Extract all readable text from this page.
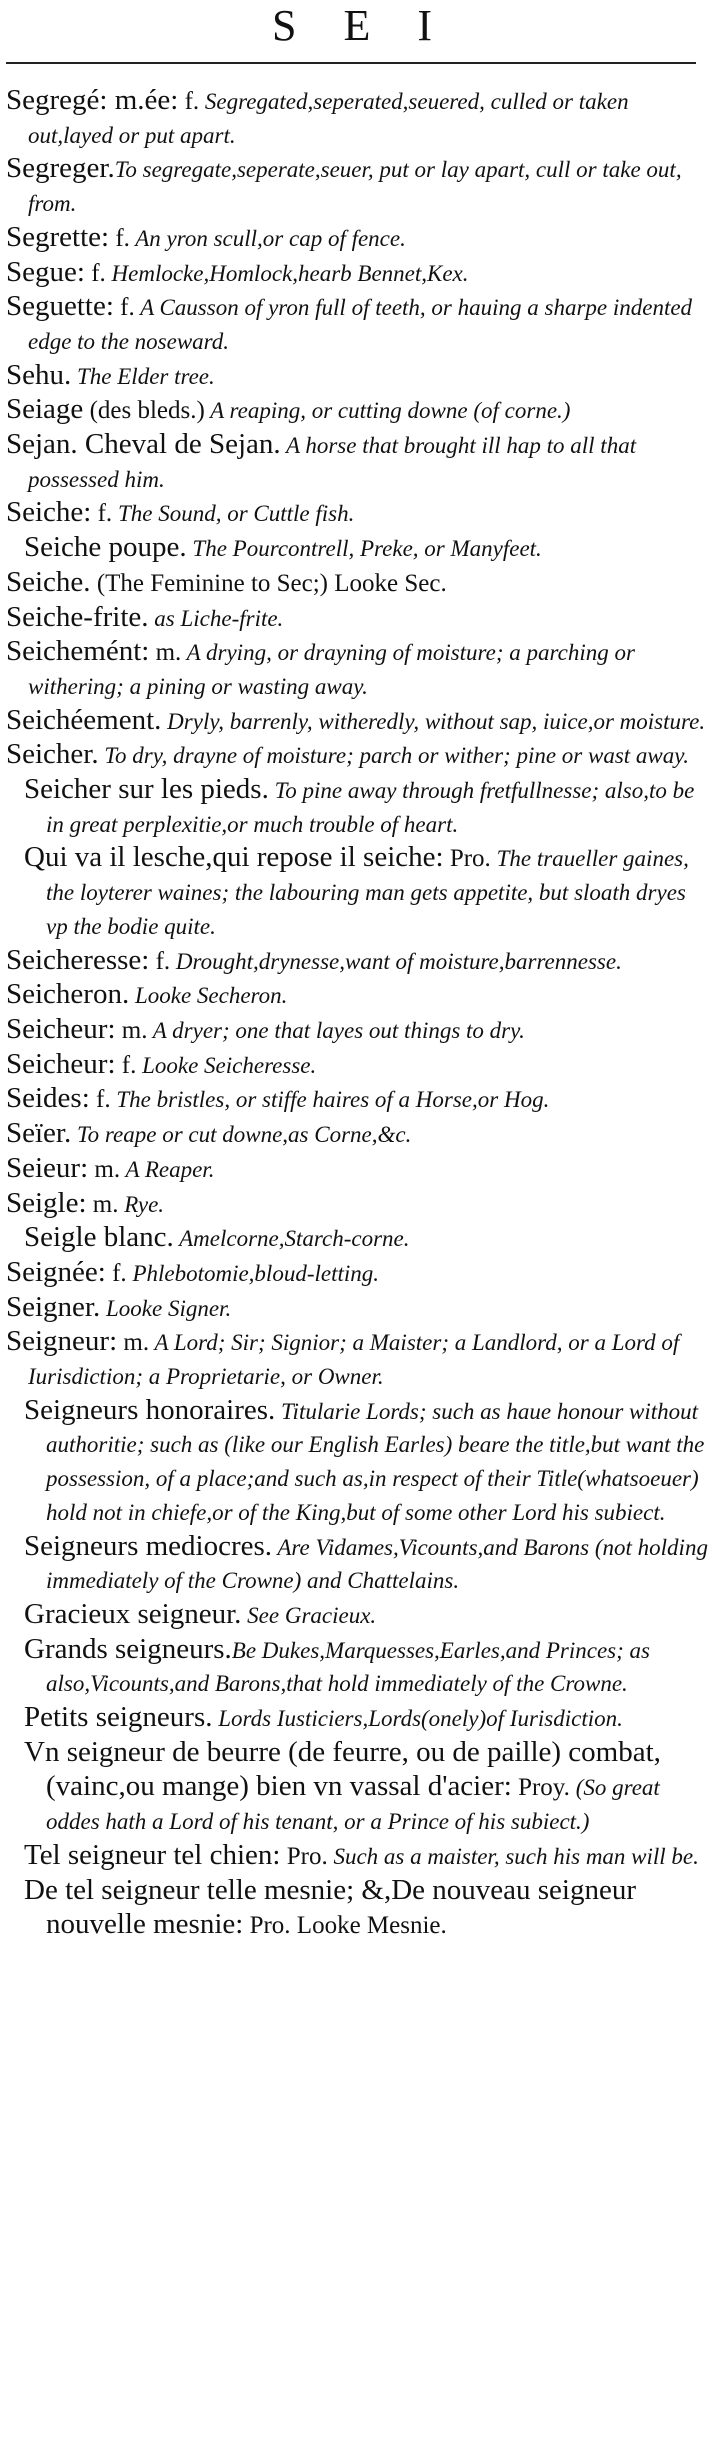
S E I

Segregé: m.ée: f. Segregated,seperated,seuered, culled or taken out,layed or put apart.

Segreger.To segregate,seperate,seuer, put or lay apart, cull or take out, from.

Segrette: f. An yron scull,or cap of fence.

Segue: f. Hemlocke,Homlock,hearb Bennet,Kex.

Seguette: f. A Causson of yron full of teeth, or hauing a sharpe indented edge to the noseward.

Sehu. The Elder tree.

Seiage (des bleds.) A reaping, or cutting downe (of corne.)

Sejan. Cheval de Sejan. A horse that brought ill hap to all that possessed him.

Seiche: f. The Sound, or Cuttle fish.

Seiche poupe. The Pourcontrell, Preke, or Manyfeet.

Seiche. (The Feminine to Sec;) Looke Sec.

Seiche-frite. as Liche-frite.

Seichemént: m. A drying, or drayning of moisture; a parching or withering; a pining or wasting away.

Seichéement. Dryly, barrenly, witheredly, without sap, iuice,or moisture.

Seicher. To dry, drayne of moisture; parch or wither; pine or wast away.

Seicher sur les pieds. To pine away through fretfullnesse; also,to be in great perplexitie,or much trouble of heart.

Qui va il lesche,qui repose il seiche: Pro. The traueller gaines, the loyterer waines; the labouring man gets appetite, but sloath dryes vp the bodie quite.

Seicheresse: f. Drought,drynesse,want of moisture,barrennesse.

Seicheron. Looke Secheron.

Seicheur: m. A dryer; one that layes out things to dry.

Seicheur: f. Looke Seicheresse.

Seides: f. The bristles, or stiffe haires of a Horse,or Hog.

Seïer. To reape or cut downe,as Corne,&c.

Seieur: m. A Reaper.

Seigle: m. Rye.

Seigle blanc. Amelcorne,Starch-corne.

Seignée: f. Phlebotomie,bloud-letting.

Seigner. Looke Signer.

Seigneur: m. A Lord; Sir; Signior; a Maister; a Landlord, or a Lord of Iurisdiction; a Proprietarie, or Owner.

Seigneurs honoraires. Titularie Lords; such as haue honour without authoritie; such as (like our English Earles) beare the title,but want the possession, of a place;and such as,in respect of their Title(whatsoeuer) hold not in chiefe,or of the King,but of some other Lord his subiect.

Seigneurs mediocres. Are Vidames,Vicounts,and Barons (not holding immediately of the Crowne) and Chattelains.

Gracieux seigneur. See Gracieux.

Grands seigneurs.Be Dukes,Marquesses,Earles,and Princes; as also,Vicounts,and Barons,that hold immediately of the Crowne.

Petits seigneurs. Lords Iusticiers,Lords(onely)of Iurisdiction.

Vn seigneur de beurre (de feurre, ou de paille) combat, (vainc,ou mange) bien vn vassal d'acier: Proy. (So great oddes hath a Lord of his tenant, or a Prince of his subiect.)

Tel seigneur tel chien: Pro. Such as a maister, such his man will be.

De tel seigneur telle mesnie; &,De nouveau seigneur nouvelle mesnie: Pro. Looke Mesnie.
